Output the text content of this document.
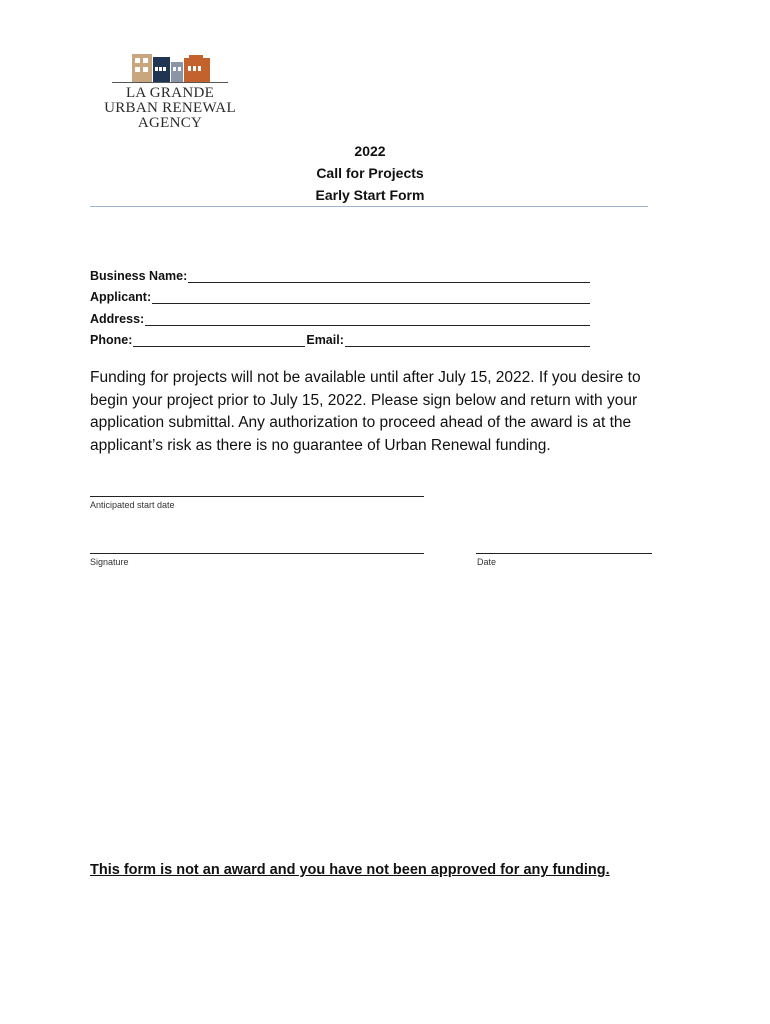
LA GRANDE
URBAN RENEWAL
AGENCY
2022
Call for Projects
Early Start Form
Business Name:
Applicant:
Address:
Phone:	Email:
Funding for projects will not be available until after July 15, 2022. If you desire to begin your project prior to July 15, 2022. Please sign below and return with your application submittal. Any authorization to proceed ahead of the award is at the applicant’s risk as there is no guarantee of Urban Renewal funding.
Anticipated start date
Signature	Date
This form is not an award and you have not been approved for any funding.
